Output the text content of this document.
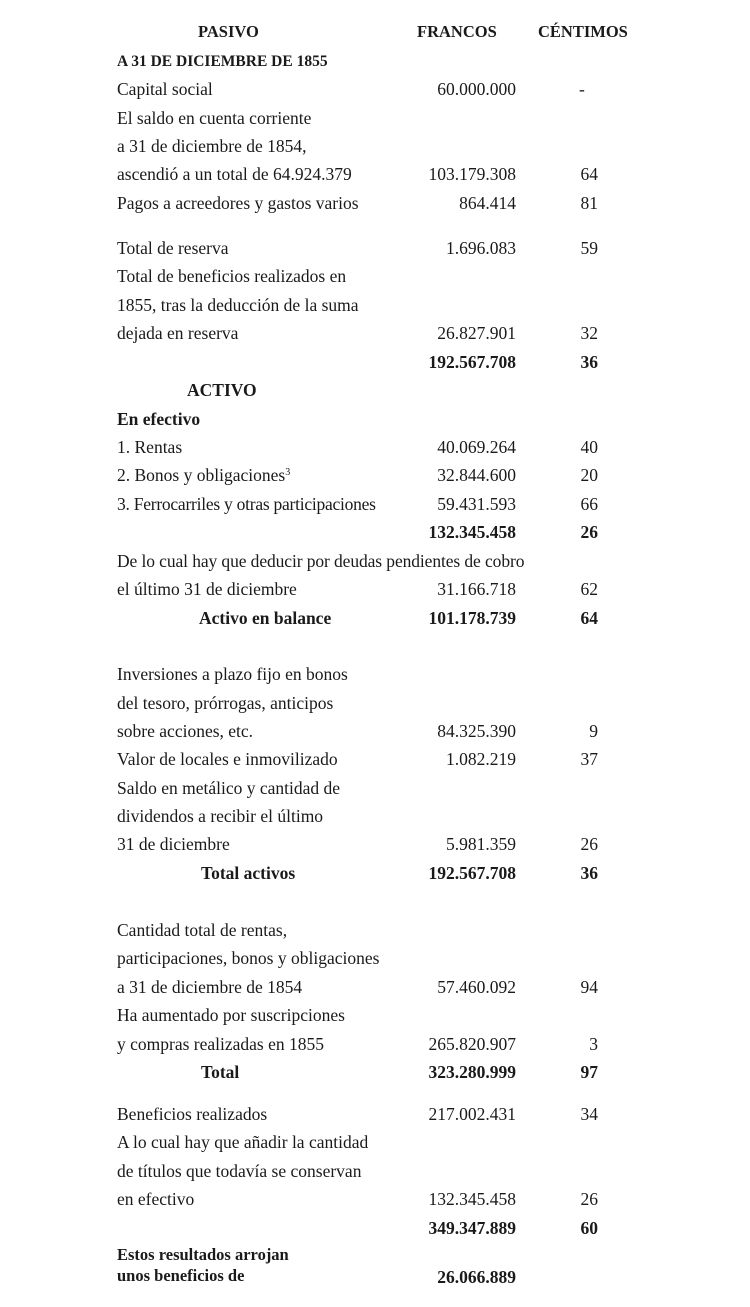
PASIVO	FRANCOS CÉNTIMOS
A 31 DE DICIEMBRE DE 1855
Capital social	60.000.000	-
El saldo en cuenta corriente
a 31 de diciembre de 1854,
ascendió a un total de 64.924.379	103.179.308	64
Pagos a acreedores y gastos varios	864.414	81
Total de reserva	1.696.083	59
Total de beneficios realizados en
1855, tras la deducción de la suma
dejada en reserva	26.827.901	32
192.567.708	36
ACTIVO
En efectivo
1. Rentas	40.069.264	40
2. Bonos y obligaciones$^3$	32.844.600	20
3. Ferrocarriles y otras participaciones	59.431.593	66
132.345.458	26
De lo cual hay que deducir por deudas pendientes de cobro
el último 31 de diciembre	31.166.718	62
Activo en balance	101.178.739	64
Inversiones a plazo fijo en bonos
del tesoro, prórrogas, anticipos
sobre acciones, etc.	84.325.390	9
Valor de locales e inmovilizado	1.082.219	37
Saldo en metálico y cantidad de
dividendos a recibir el último
31 de diciembre	5.981.359	26
Total activos	192.567.708	36
Cantidad total de rentas,
participaciones, bonos y obligaciones
a 31 de diciembre de 1854	57.460.092	94
Ha aumentado por suscripciones
y compras realizadas en 1855	265.820.907	3
Total	323.280.999	97
Beneficios realizados	217.002.431	34
A lo cual hay que añadir la cantidad
de títulos que todavía se conservan
en efectivo	132.345.458	26
349.347.889	60
Estos resultados arrojan
unos beneficios de	26.066.889
